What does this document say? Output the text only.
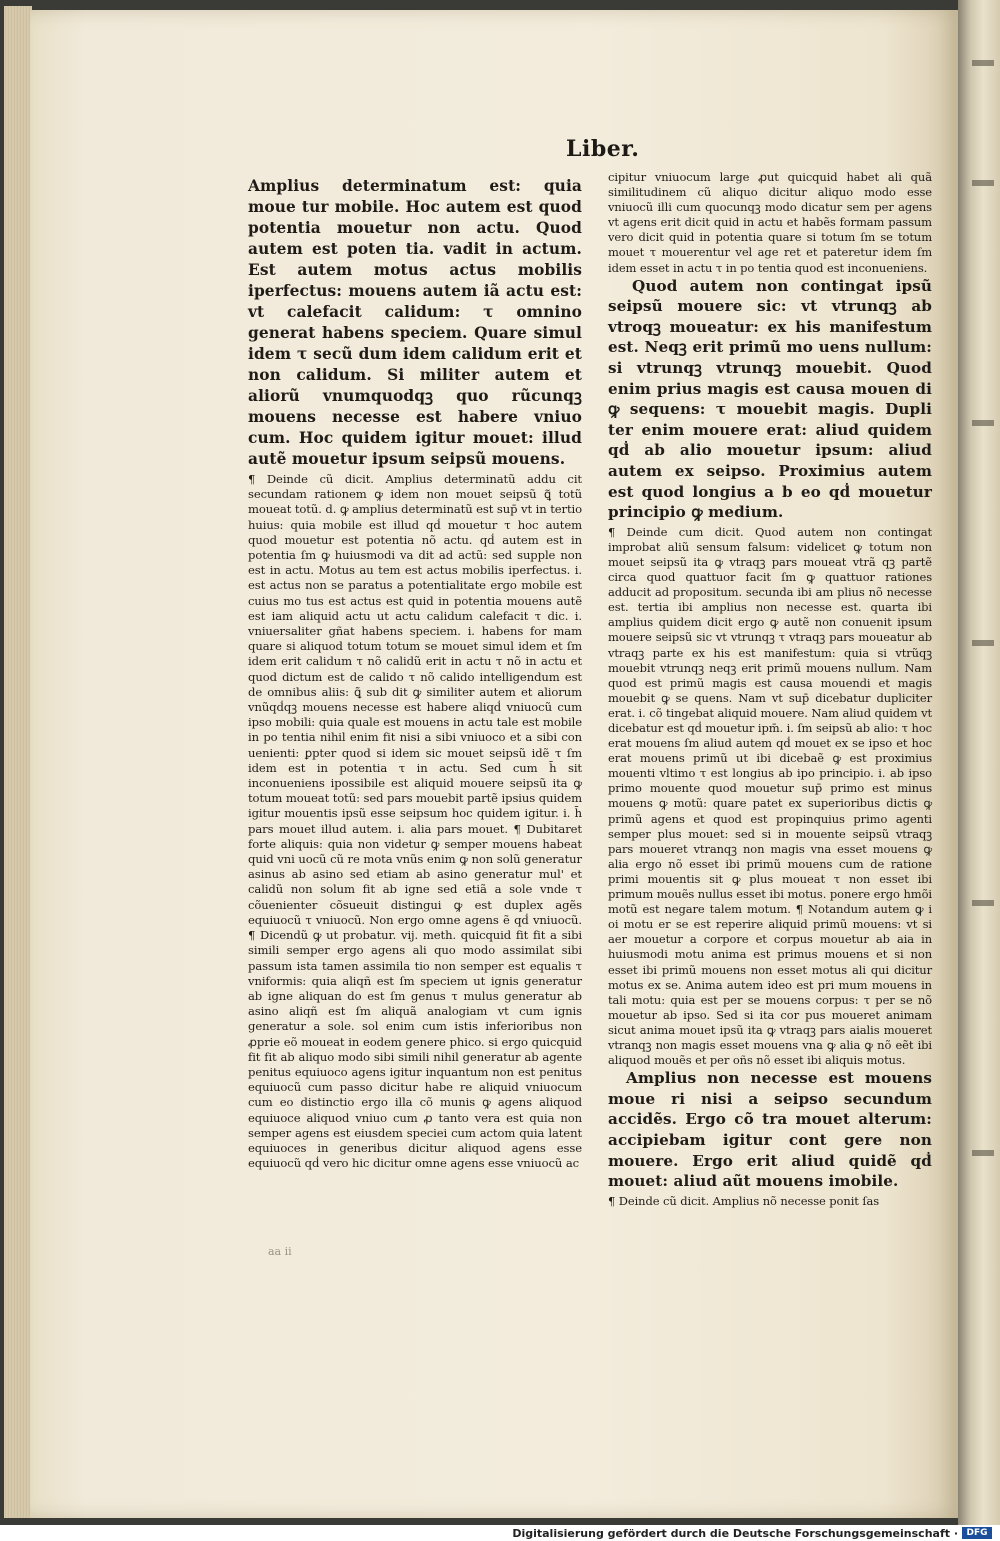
Liber.

Amplius determinatum est: quia moue tur mobile. Hoc autem est quod potentia mouetur non actu. Quod autem est poten tia. vadit in actum. Est autem motus actus mobilis iperfectus: mouens autem iã actu est: vt calefacit calidum: τ omnino generat habens speciem. Quare simul idem τ secũ dum idem calidum erit et non calidum. Si militer autem et aliorũ vnumquodqꝫ quo rũcunqꝫ mouens necesse est habere vniuo cum. Hoc quidem igitur mouet: illud autẽ mouetur ipsum seipsũ mouens.

¶ Deinde cũ dicit. Amplius determinatũ addu cit secundam rationem ꝙ idem non mouet seipsũ ꝗ̃ totũ moueat totũ. d. ꝙ amplius determinatũ est sup̄ vt in tertio huius: quia mobile est illud qḋ mouetur τ hoc autem quod mouetur est potentia nõ actu. qḋ autem est in potentia ſm ꝙ huiusmodi va dit ad actũ: sed supple non est in actu. Motus au tem est actus mobilis iperfectus. i. est actus non se paratus a potentialitate ergo mobile est cuius mo tus est actus est quid in potentia mouens autẽ est iam aliquid actu ut actu calidum calefacit τ dic. i. vniuersaliter gñat habens speciem. i. habens for mam quare si aliquod totum totum se mouet simul idem et ſm idem erit calidum τ nõ calidũ erit in actu τ nõ in actu et quod dictum est de calido τ nõ calido intelligendum est de omnibus aliis: ꝗ̃ sub dit ꝙ similiter autem et aliorum vnũqḋqꝫ mouens necesse est habere aliqḋ vniuocũ cum ipso mobili: quia quale est mouens in actu tale est mobile in po tentia nihil enim fit nisi a sibi vniuoco et a sibi con uenienti: ꝑpter quod si idem sic mouet seipsũ idẽ τ ſm idem est in potentia τ in actu. Sed cum h̄ sit inconueniens ipossibile est aliquid mouere seipsũ ita ꝙ totum moueat totũ: sed pars mouebit partẽ ipsius quidem igitur mouentis ipsũ esse seipsum hoc quidem igitur. i. h̄ pars mouet illud autem. i. alia pars mouet. ¶ Dubitaret forte aliquis: quia non videtur ꝙ semper mouens habeat quid vni uocũ cũ re mota vnũs enim ꝙ non solũ generatur asinus ab asino sed etiam ab asino generatur mul' et calidũ non solum fit ab igne sed etiã a sole vnde τ cõuenienter cõsueuit distingui ꝙ est duplex agẽs equiuocũ τ vniuocũ. Non ergo omne agens ẽ qḋ vniuocũ. ¶ Dicendũ ꝙ ut probatur. vij. meth. quicquid fit fit a sibi simili semper ergo agens ali quo modo assimilat sibi passum ista tamen assimila tio non semper est equalis τ vniformis: quia aliqñ est ſm speciem ut ignis generatur ab igne aliquan do est ſm genus τ mulus generatur ab asino aliqñ est ſm aliquã analogiam vt cum ignis generatur a sole. sol enim cum istis inferioribus non ꝓprie eõ moueat in eodem genere phico. si ergo quicquid fit fit ab aliquo modo sibi simili nihil generatur ab agente penitus equiuoco agens igitur inquantum non est penitus equiuocũ cum passo dicitur habe re aliquid vniuocum cum eo distinctio ergo illa cõ munis ꝙ agens aliquod equiuoce aliquod vniuo cum ꝓ tanto vera est quia non semper agens est eiusdem speciei cum actom quia latent equiuoces in generibus dicitur aliquod agens esse equiuocũ qḋ vero hic dicitur omne agens esse vniuocũ ac

cipitur vniuocum large ꝓut quicquid habet ali quã similitudinem cũ aliquo dicitur aliquo modo esse vniuocũ illi cum quocunqꝫ modo dicatur sem per agens vt agens erit dicit quid in actu et habẽs formam passum vero dicit quid in potentia quare si totum ſm se totum mouet τ mouerentur vel age ret et pateretur idem ſm idem esset in actu τ in po tentia quod est inconueniens.

Quod autem non contingat ipsũ seipsũ mouere sic: vt vtrunqꝫ ab vtroqꝫ moueatur: ex his manifestum est. Neqꝫ erit primũ mo uens nullum: si vtrunqꝫ vtrunqꝫ mouebit. Quod enim prius magis est causa mouen di ꝙ sequens: τ mouebit magis. Dupli ter enim mouere erat: aliud quidem qḋ ab alio mouetur ipsum: aliud autem ex seipso. Proximius autem est quod longius a b eo qḋ mouetur principio ꝙ medium.

¶ Deinde cum dicit. Quod autem non contingat improbat aliũ sensum falsum: videlicet ꝙ totum non mouet seipsũ ita ꝙ vtraqꝫ pars moueat vtrã qꝫ partẽ circa quod quattuor facit ſm ꝙ quattuor rationes adducit ad propositum. secunda ibi am plius nõ necesse est. tertia ibi amplius non necesse est. quarta ibi amplius quidem dicit ergo ꝙ autẽ non conuenit ipsum mouere seipsũ sic vt vtrunqꝫ τ vtraqꝫ pars moueatur ab vtraqꝫ parte ex his est manifestum: quia si vtrũqꝫ mouebit vtrunqꝫ neqꝫ erit primũ mouens nullum. Nam quod est primũ magis est causa mouendi et magis mouebit ꝙ se quens. Nam vt sup̄ dicebatur dupliciter erat. i. cõ tingebat aliquid mouere. Nam aliud quidem vt dicebatur est qḋ mouetur ipm̄. i. ſm seipsũ ab alio: τ hoc erat mouens ſm aliud autem qḋ mouet ex se ipso et hoc erat mouens primũ ut ibi dicebaẽ ꝙ est proximius mouenti vltimo τ est longius ab ipo principio. i. ab ipso primo mouente quod mouetur sup̄ primo est minus mouens ꝙ motũ: quare patet ex superioribus dictis ꝙ primũ agens et quod est propinquius primo agenti semper plus mouet: sed si in mouente seipsũ vtraqꝫ pars moueret vtranqꝫ non magis vna esset mouens ꝙ alia ergo nõ esset ibi primũ mouens cum de ratione primi mouentis sit ꝙ plus moueat τ non esset ibi primum mouẽs nullus esset ibi motus. ponere ergo hmõi motũ est negare talem motum. ¶ Notandum autem ꝙ i oi motu er se est reperire aliquid primũ mouens: vt si aer mouetur a corpore et corpus mouetur ab aia in huiusmodi motu anima est primus mouens et si non esset ibi primũ mouens non esset motus ali qui dicitur motus ex se. Anima autem ideo est pri mum mouens in tali motu: quia est per se mouens corpus: τ per se nõ mouetur ab ipso. Sed si ita cor pus moueret animam sicut anima mouet ipsũ ita ꝙ vtraqꝫ pars aialis moueret vtranqꝫ non magis esset mouens vna ꝙ alia ꝙ nõ eẽt ibi aliquod mouẽs et per oñs nõ esset ibi aliquis motus.

Amplius non necesse est mouens moue ri nisi a seipso secundum accidẽs. Ergo cõ tra mouet alterum: accipiebam igitur cont gere non mouere. Ergo erit aliud quidẽ qḋ mouet: aliud aũt mouens imobile.

¶ Deinde cũ dicit. Amplius nõ necesse ponit ſas

aa ii
Digitalisierung gefördert durch die Deutsche Forschungsgemeinschaft · DFG
